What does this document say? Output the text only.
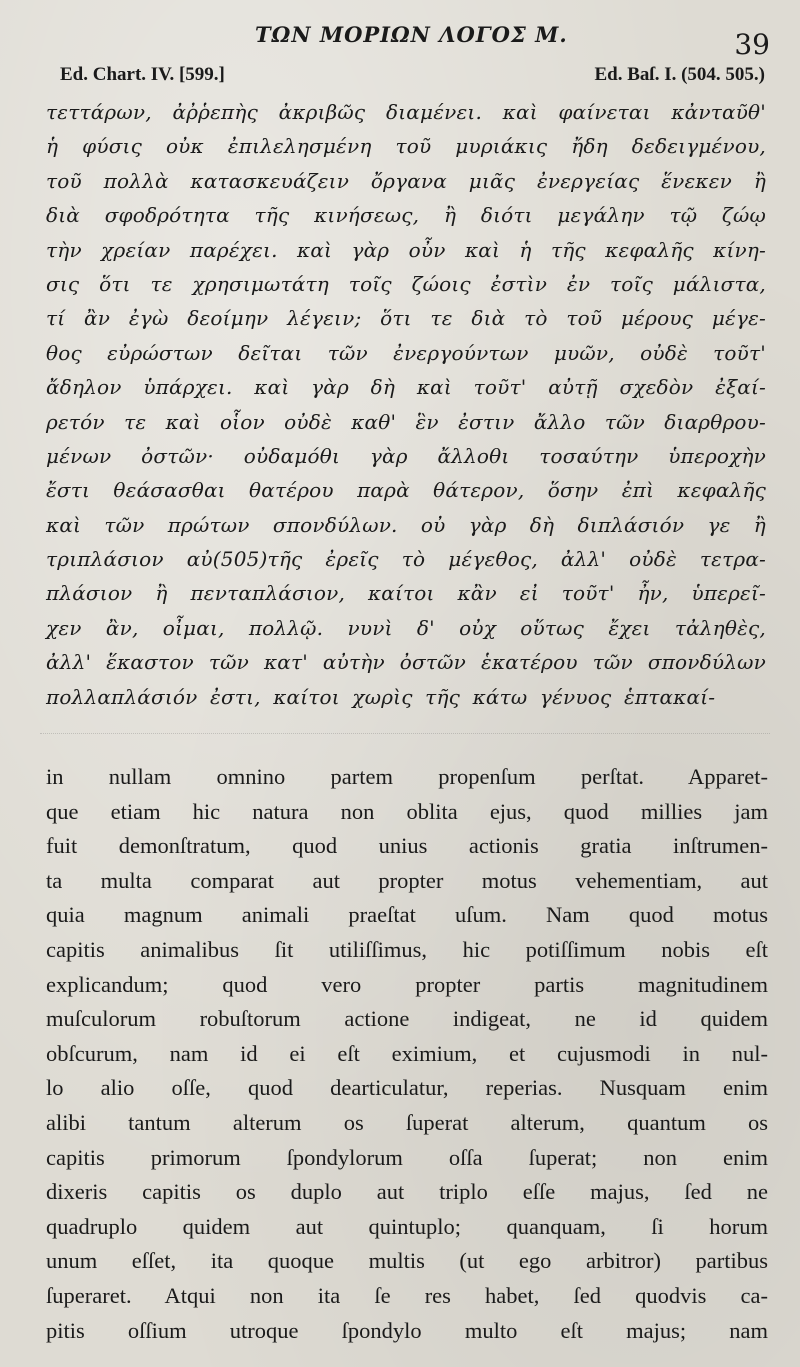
ΤΩΝ ΜΟΡΙΩΝ ΛΟΓΟΣ Μ.	39
Ed. Chart. IV. [599.]	Ed. Baſ. I. (504. 505.)
τεττάρων, ἀῤῥεπὴς ἀκριβῶς διαμένει. καὶ φαίνεται κἀνταῦθ'
ἡ φύσις οὐκ ἐπιλελησμένη τοῦ μυριάκις ἤδη δεδειγμένου,
τοῦ πολλὰ κατασκευάζειν ὄργανα μιᾶς ἐνεργείας ἕνεκεν ἢ
διὰ σφοδρότητα τῆς κινήσεως, ἢ διότι μεγάλην τῷ ζώῳ
τὴν χρείαν παρέχει. καὶ γὰρ οὖν καὶ ἡ τῆς κεφαλῆς κίνη-
σις ὅτι τε χρησιμωτάτη τοῖς ζώοις ἐστὶν ἐν τοῖς μάλιστα,
τί ἂν ἐγὼ δεοίμην λέγειν; ὅτι τε διὰ τὸ τοῦ μέρους μέγε-
θος εὐρώστων δεῖται τῶν ἐνεργούντων μυῶν, οὐδὲ τοῦτ'
ἄδηλον ὑπάρχει. καὶ γὰρ δὴ καὶ τοῦτ' αὐτῇ σχεδὸν ἐξαί-
ρετόν τε καὶ οἷον οὐδὲ καθ' ἓν ἐστιν ἄλλο τῶν διαρθρου-
μένων ὀστῶν· οὐδαμόθι γὰρ ἄλλοθι τοσαύτην ὑπεροχὴν
ἔστι θεάσασθαι θατέρου παρὰ θάτερον, ὅσην ἐπὶ κεφαλῆς
καὶ τῶν πρώτων σπονδύλων. οὐ γὰρ δὴ διπλάσιόν γε ἢ
τριπλάσιον αὐ(505)τῆς ἐρεῖς τὸ μέγεθος, ἀλλ' οὐδὲ τετρα-
πλάσιον ἢ πενταπλάσιον, καίτοι κἂν εἰ τοῦτ' ἦν, ὑπερεῖ-
χεν ἂν, οἶμαι, πολλῷ. νυνὶ δ' οὐχ οὕτως ἔχει τἀληθὲς,
ἀλλ' ἕκαστον τῶν κατ' αὐτὴν ὀστῶν ἑκατέρου τῶν σπονδύλων
πολλαπλάσιόν ἐστι, καίτοι χωρὶς τῆς κάτω γένυος ἑπτακαί-
in nullam omnino partem propenſum perſtat. Apparet-
que etiam hic natura non oblita ejus, quod millies jam
fuit demonſtratum, quod unius actionis gratia inſtrumen-
ta multa comparat aut propter motus vehementiam, aut
quia magnum animali praeſtat uſum. Nam quod motus
capitis animalibus ſit utiliſſimus, hic potiſſimum nobis eſt
explicandum; quod vero propter partis magnitudinem
muſculorum robuſtorum actione indigeat, ne id quidem
obſcurum, nam id ei eſt eximium, et cujusmodi in nul-
lo alio oſſe, quod dearticulatur, reperias. Nusquam enim
alibi tantum alterum os ſuperat alterum, quantum os
capitis primorum ſpondylorum oſſa ſuperat; non enim
dixeris capitis os duplo aut triplo eſſe majus, ſed ne
quadruplo quidem aut quintuplo; quanquam, ſi horum
unum eſſet, ita quoque multis (ut ego arbitror) partibus
ſuperaret. Atqui non ita ſe res habet, ſed quodvis ca-
pitis oſſium utroque ſpondylo multo eſt majus; nam
